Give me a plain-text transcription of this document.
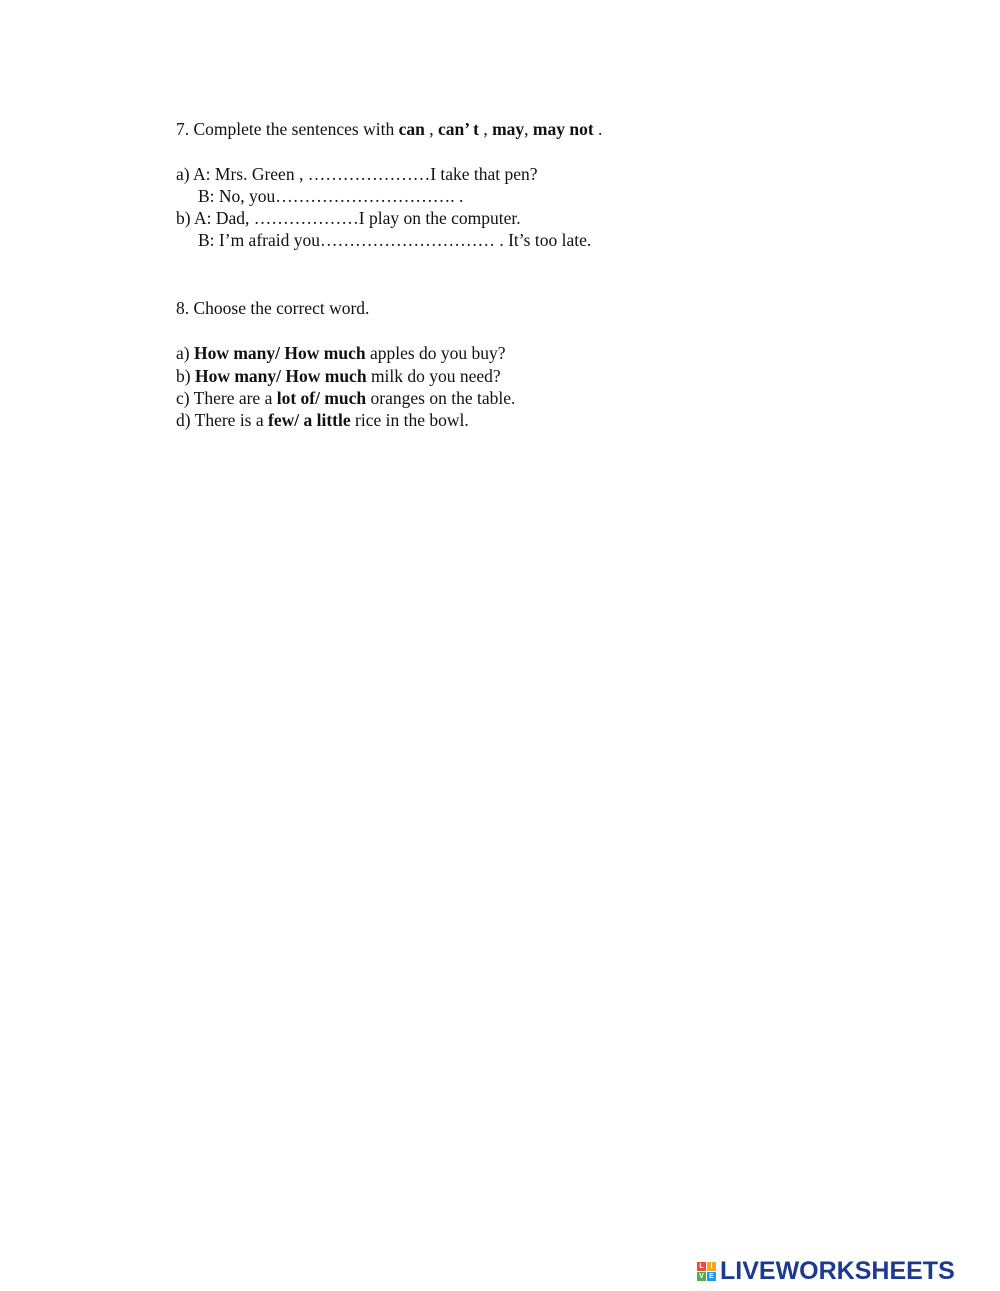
7. Complete the sentences with can , can’ t , may, may not .
a) A: Mrs. Green , …………………I take that pen?
B: No, you…………………………. .
b) A: Dad, ………………I play on the computer.
B: I’m afraid you………………………… . It’s too late.
8. Choose the correct word.
a) How many/ How much apples do you buy?
b) How many/ How much milk do you need?
c) There are a lot of/ much oranges on the table.
d) There is a few/ a little rice in the bowl.
L I
V E LIVEWORKSHEETS
